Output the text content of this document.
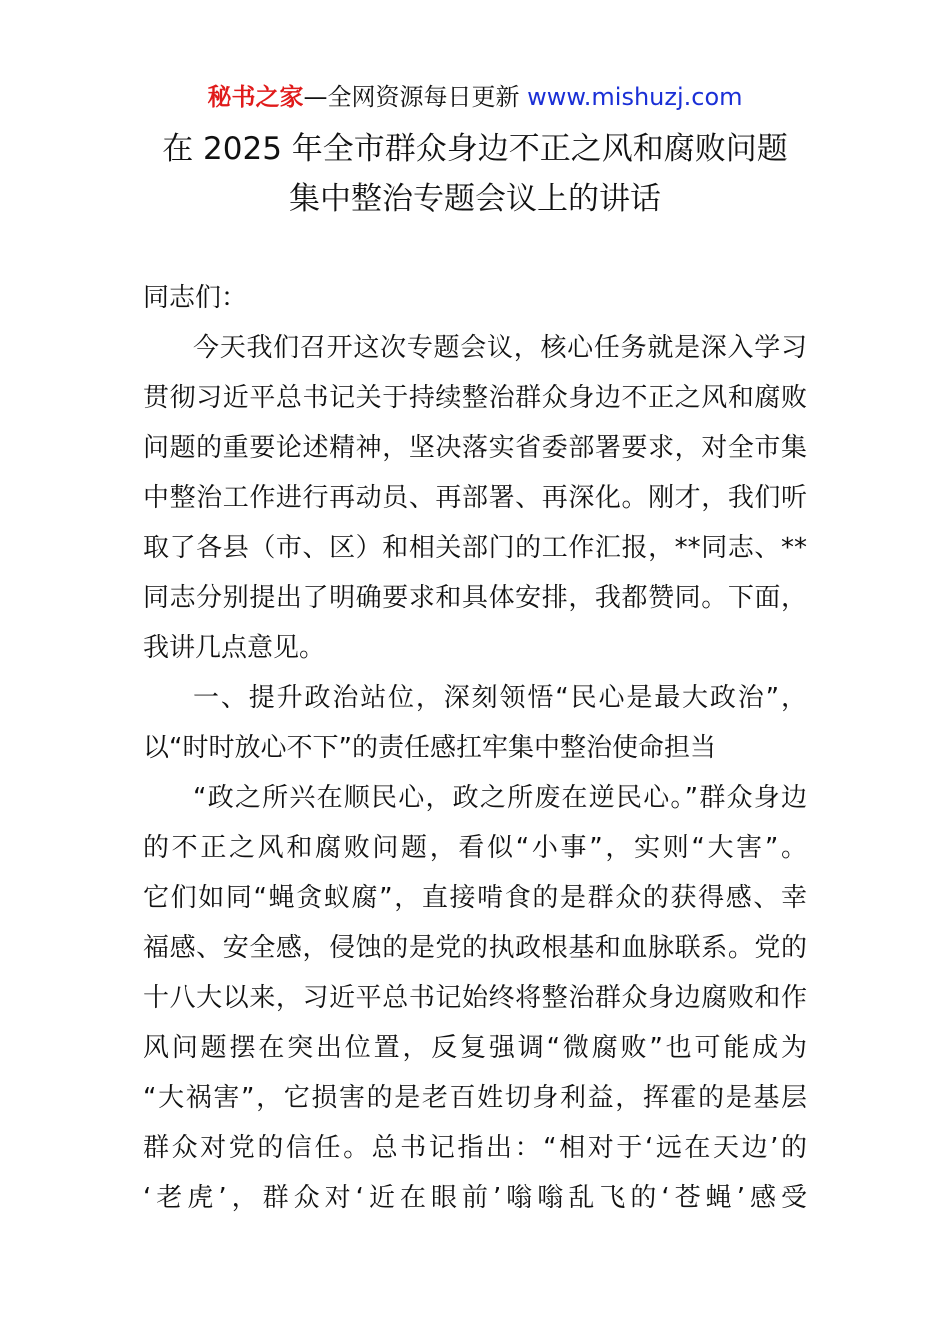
秘书之家—全网资源每日更新 www.mishuzj.com
在 2025 年全市群众身边不正之风和腐败问题
集中整治专题会议上的讲话
同志们：
今天我们召开这次专题会议，核心任务就是深入学习
贯彻习近平总书记关于持续整治群众身边不正之风和腐败
问题的重要论述精神，坚决落实省委部署要求，对全市集
中整治工作进行再动员、再部署、再深化。刚才，我们听
取了各县（市、区）和相关部门的工作汇报，**同志、**
同志分别提出了明确要求和具体安排，我都赞同。下面，
我讲几点意见。
一、提升政治站位，深刻领悟“民心是最大政治”，
以“时时放心不下”的责任感扛牢集中整治使命担当
“政之所兴在顺民心，政之所废在逆民心。”群众身边
的不正之风和腐败问题，看似“小事”，实则“大害”。
它们如同“蝇贪蚁腐”，直接啃食的是群众的获得感、幸
福感、安全感，侵蚀的是党的执政根基和血脉联系。党的
十八大以来，习近平总书记始终将整治群众身边腐败和作
风问题摆在突出位置，反复强调“微腐败”也可能成为
“大祸害”，它损害的是老百姓切身利益，挥霍的是基层
群众对党的信任。总书记指出：“相对于‘远在天边’的
‘老虎’，群众对‘近在眼前’嗡嗡乱飞的‘苍蝇’感受
